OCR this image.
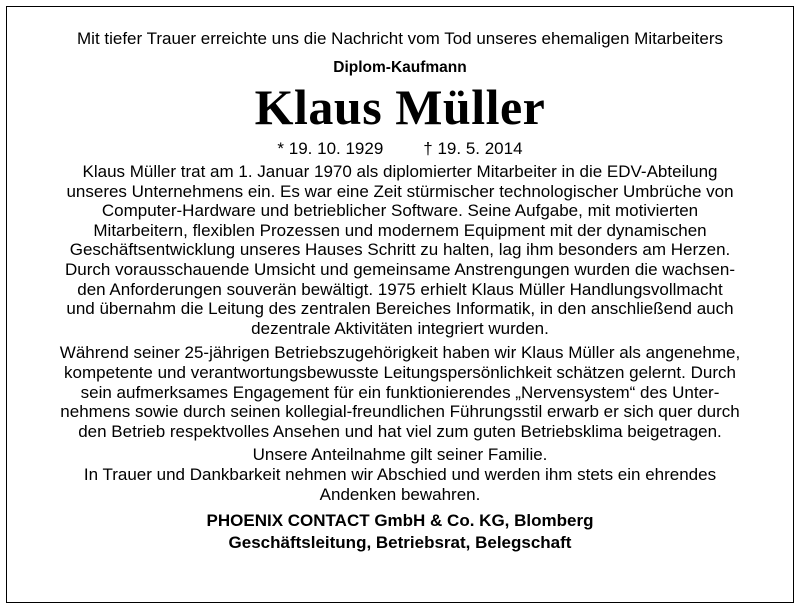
Mit tiefer Trauer erreichte uns die Nachricht vom Tod unseres ehemaligen Mitarbeiters

Diplom-Kaufmann

Klaus Müller

* 19. 10. 1929 † 19. 5. 2014

Klaus Müller trat am 1. Januar 1970 als diplomierter Mitarbeiter in die EDV-Abteilung
unseres Unternehmens ein. Es war eine Zeit stürmischer technologischer Umbrüche von
Computer-Hardware und betrieblicher Software. Seine Aufgabe, mit motivierten
Mitarbeitern, flexiblen Prozessen und modernem Equipment mit der dynamischen
Geschäftsentwicklung unseres Hauses Schritt zu halten, lag ihm besonders am Herzen.
Durch vorausschauende Umsicht und gemeinsame Anstrengungen wurden die wachsen-
den Anforderungen souverän bewältigt. 1975 erhielt Klaus Müller Handlungsvollmacht
und übernahm die Leitung des zentralen Bereiches Informatik, in den anschließend auch
dezentrale Aktivitäten integriert wurden.

Während seiner 25-jährigen Betriebszugehörigkeit haben wir Klaus Müller als angenehme,
kompetente und verantwortungsbewusste Leitungspersönlichkeit schätzen gelernt. Durch
sein aufmerksames Engagement für ein funktionierendes „Nervensystem“ des Unter-
nehmens sowie durch seinen kollegial-freundlichen Führungsstil erwarb er sich quer durch
den Betrieb respektvolles Ansehen und hat viel zum guten Betriebsklima beigetragen.

Unsere Anteilnahme gilt seiner Familie.

In Trauer und Dankbarkeit nehmen wir Abschied und werden ihm stets ein ehrendes
Andenken bewahren.

PHOENIX CONTACT GmbH & Co. KG, Blomberg
Geschäftsleitung, Betriebsrat, Belegschaft
